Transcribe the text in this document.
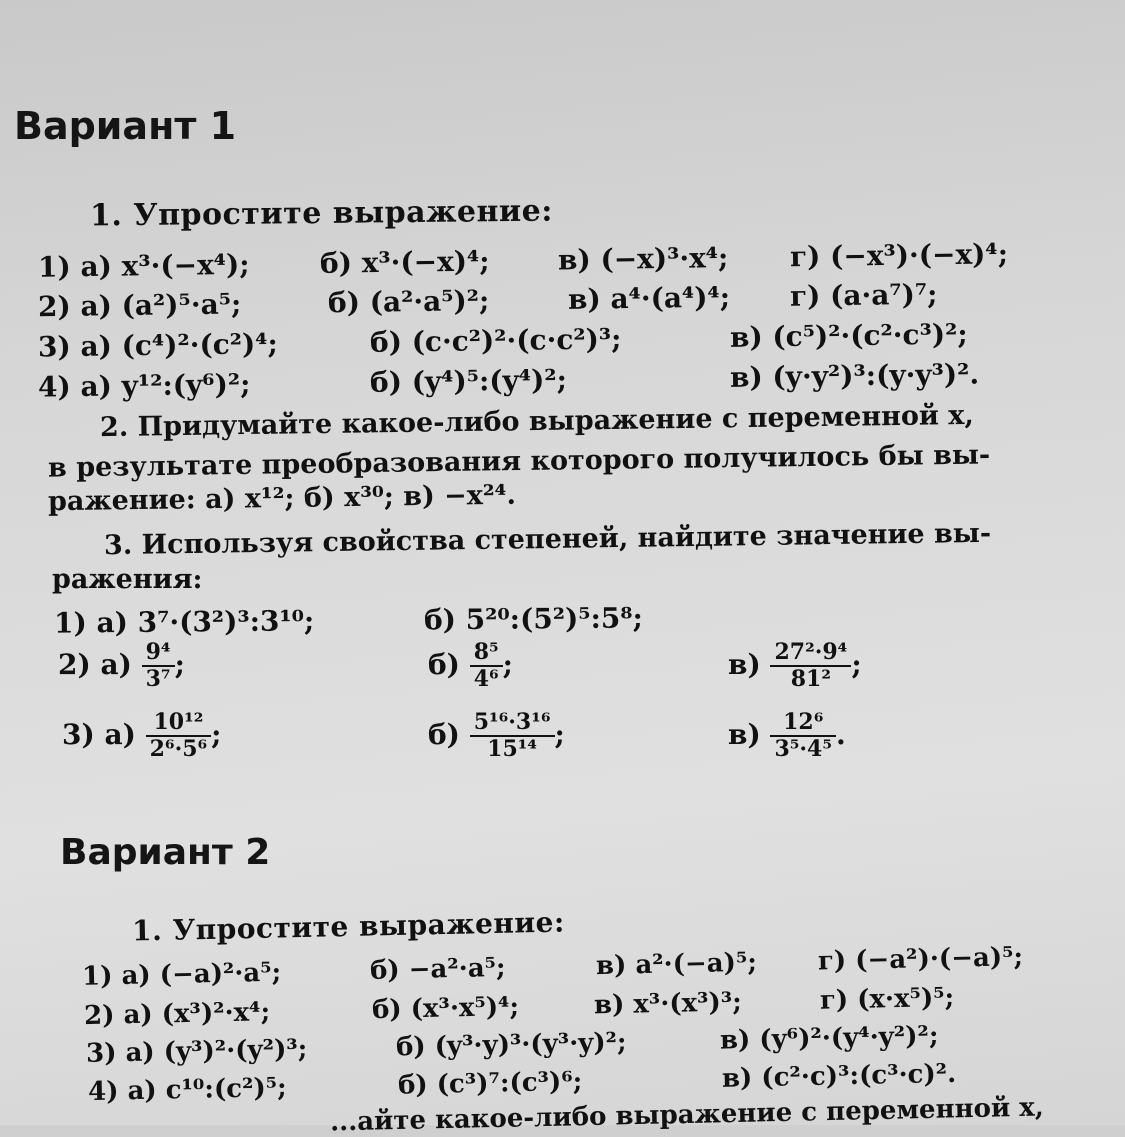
Вариант 1
1. Упростите выражение:
1) а) x³·(−x⁴); б) x³·(−x)⁴; в) (−x)³·x⁴; г) (−x³)·(−x)⁴;
2) а) (a²)⁵·a⁵;	б) (a²·a⁵)²;	в) a⁴·(a⁴)⁴; г) (a·a⁷)⁷;
3) а) (c⁴)²·(c²)⁴;	б) (c·c²)²·(c·c²)³;	в) (c⁵)²·(c²·c³)²;
4) а) y¹²:(y⁶)²;	б) (y⁴)⁵:(y⁴)²;	в) (y·y²)³:(y·y³)².
2. Придумайте какое-либо выражение с переменной x,
в результате преобразования которого получилось бы вы-
ражение: а) x¹²; б) x³⁰; в) −x²⁴.
3. Используя свойства степеней, найдите значение вы-
ражения:
1) а) 3⁷·(3²)³:3¹⁰;	б) 5²⁰:(5²)⁵:5⁸;
2) $а) \frac{\text{9⁴}}{\text{3⁷}}$ ;	$б) \frac{\text{8⁵}}{\text{4⁶}}$ ;	$в) \frac{\text{27²·9⁴}}{\text{81²}}$ ;
3) $а) \frac{\text{10¹²}}{\text{2⁶·5⁶}}$ ;	$б) \frac{\text{5¹⁶·3¹⁶}}{\text{15¹⁴}}$ ;	$в) \frac{\text{12⁶}}{\text{3⁵·4⁵}}$ .
Вариант 2
1. Упростите выражение:
1) а) (−a)²·a⁵;	б) −a²·a⁵;	в) a²·(−a)⁵; г) (−a²)·(−a)⁵;
2) а) (x³)²·x⁴;	б) (x³·x⁵)⁴;	в) x³·(x³)³;	г) (x·x⁵)⁵;
3) а) (y³)²·(y²)³;	б) (y³·y)³·(y³·y)²;	в) (y⁶)²·(y⁴·y²)²;
4) а) c¹⁰:(c²)⁵;	б) (c³)⁷:(c³)⁶;	в) (c²·c)³:(c³·c)².
...айте какое-либо выражение с переменной x,
